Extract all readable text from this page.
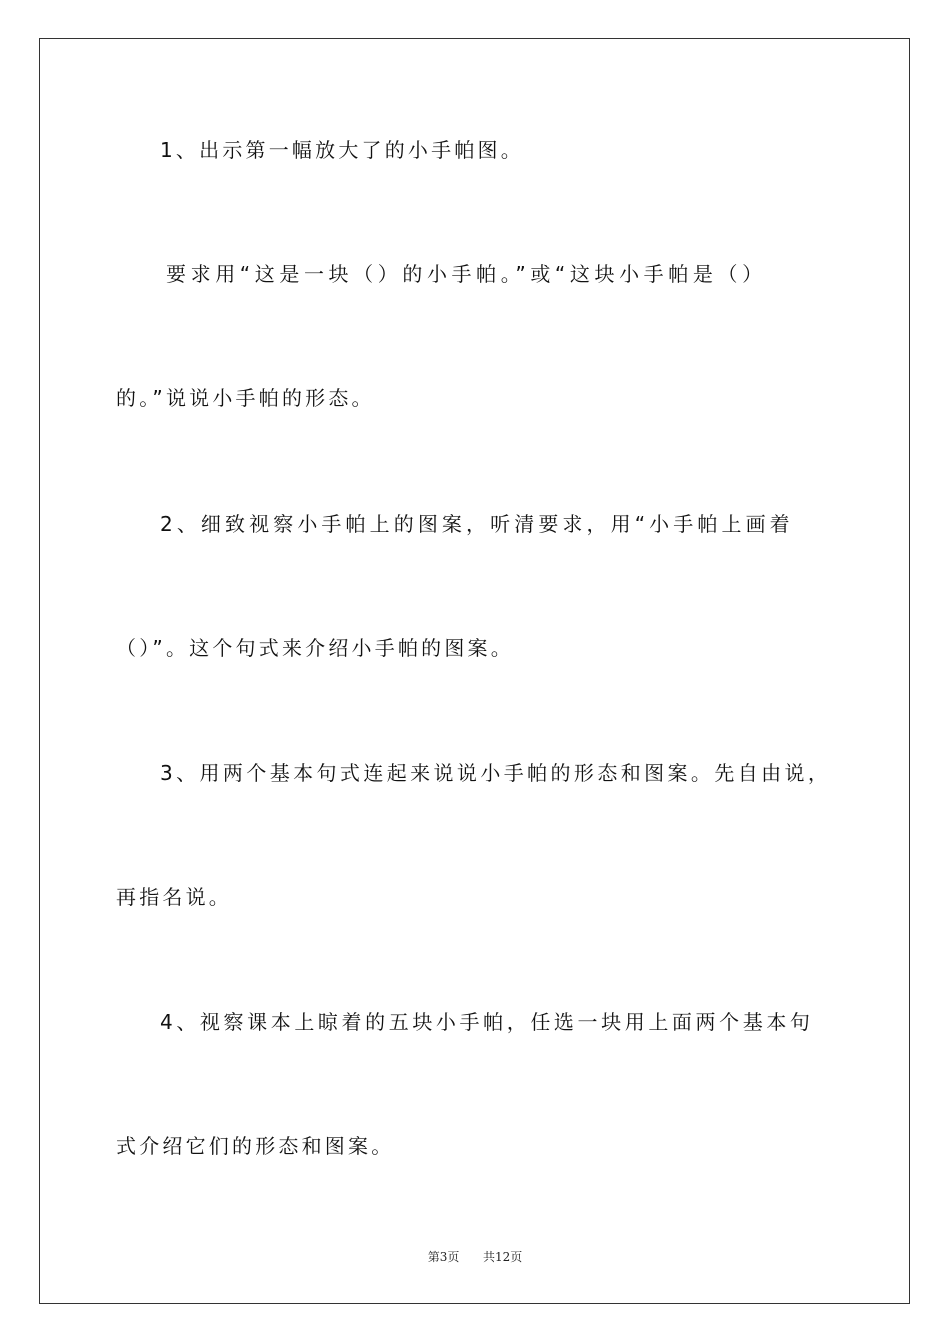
1、出示第一幅放大了的小手帕图。
要求用“这是一块（）的小手帕。”或“这块小手帕是（）
的。”说说小手帕的形态。
2、细致视察小手帕上的图案，听清要求，用“小手帕上画着
（）”。这个句式来介绍小手帕的图案。
3、用两个基本句式连起来说说小手帕的形态和图案。先自由说，
再指名说。
4、视察课本上晾着的五块小手帕，任选一块用上面两个基本句
式介绍它们的形态和图案。
第3页 共12页
